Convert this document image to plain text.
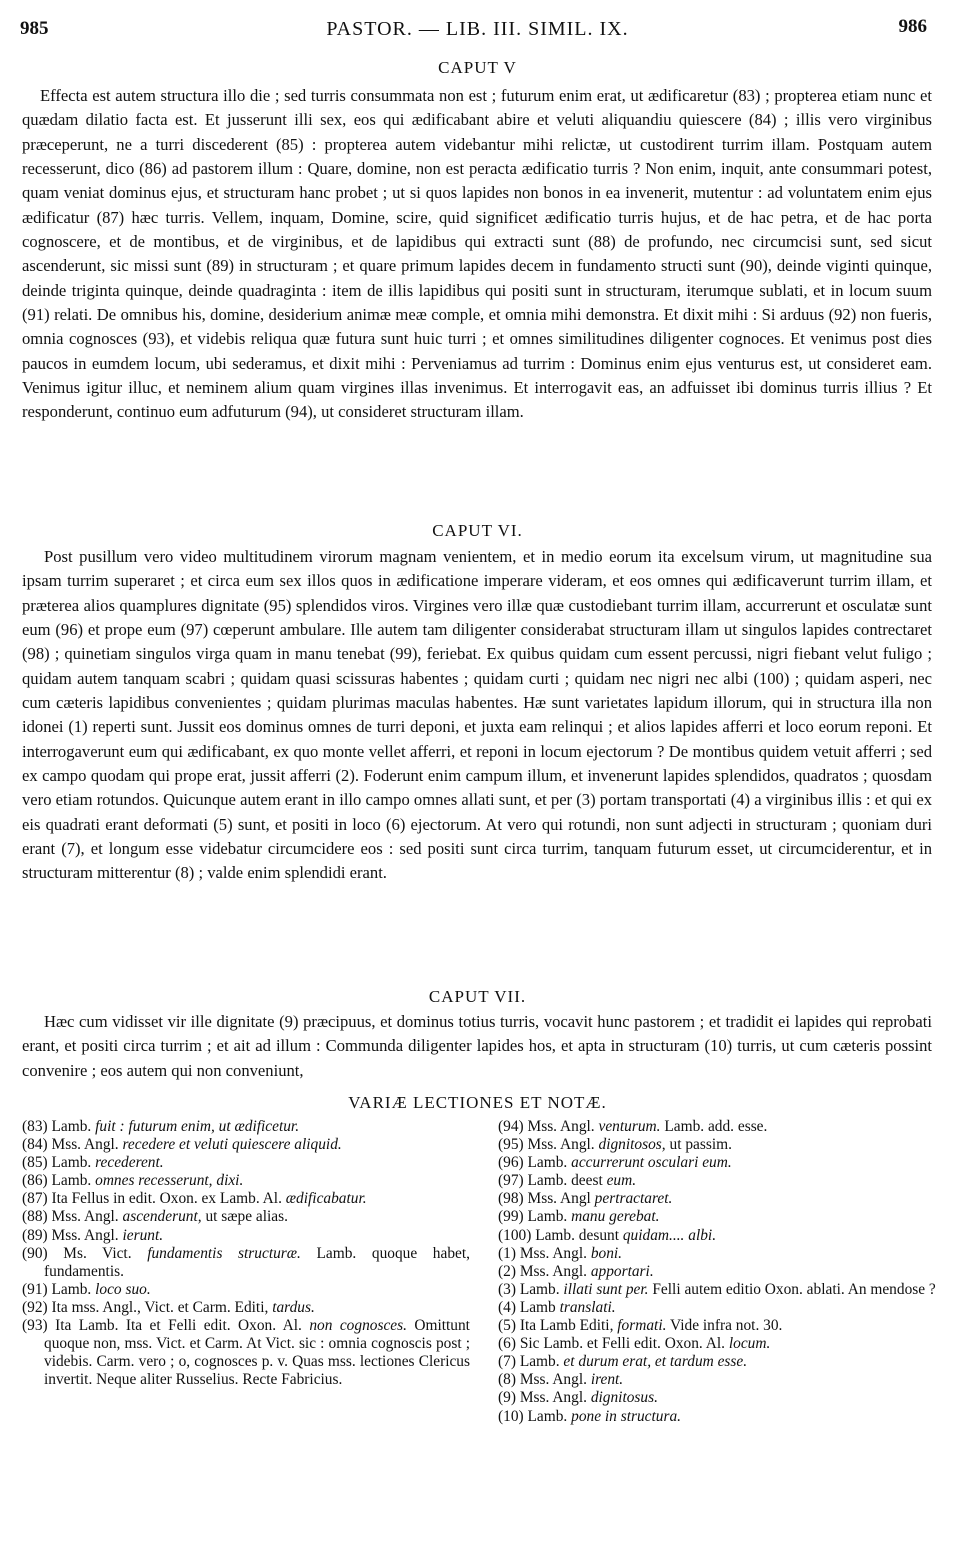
985	PASTOR. — LIB. III. SIMIL. IX.	986
CAPUT V

Effecta est autem structura illo die ; sed turris consummata non est ; futurum enim erat, ut ædificaretur (83) ; propterea etiam nunc et quædam dilatio facta est. Et jusserunt illi sex, eos qui ædificabant abire et veluti aliquandiu quiescere (84) ; illis vero virginibus præceperunt, ne a turri discederent (85) : propterea autem videbantur mihi relictæ, ut custodirent turrim illam. Postquam autem recesserunt, dico (86) ad pastorem illum : Quare, domine, non est peracta ædificatio turris ? Non enim, inquit, ante consummari potest, quam veniat dominus ejus, et structuram hanc probet ; ut si quos lapides non bonos in ea invenerit, mutentur : ad voluntatem enim ejus ædificatur (87) hæc turris. Vellem, inquam, Domine, scire, quid significet ædificatio turris hujus, et de hac petra, et de hac porta cognoscere, et de montibus, et de virginibus, et de lapidibus qui extracti sunt (88) de profundo, nec circumcisi sunt, sed sicut ascenderunt, sic missi sunt (89) in structuram ; et quare primum lapides decem in fundamento structi sunt (90), deinde viginti quinque, deinde triginta quinque, deinde quadraginta : item de illis lapidibus qui positi sunt in structuram, iterumque sublati, et in locum suum (91) relati. De omnibus his, domine, desiderium animæ meæ comple, et omnia mihi demonstra. Et dixit mihi : Si arduus (92) non fueris, omnia cognosces (93), et videbis reliqua quæ futura sunt huic turri ; et omnes similitudines diligenter cognoces. Et venimus post dies paucos in eumdem locum, ubi sederamus, et dixit mihi : Perveniamus ad turrim : Dominus enim ejus venturus est, ut consideret eam. Venimus igitur illuc, et neminem alium quam virgines illas invenimus. Et interrogavit eas, an adfuisset ibi dominus turris illius ? Et responderunt, continuo eum adfuturum (94), ut consideret structuram illam.

CAPUT VI.

Post pusillum vero video multitudinem virorum magnam venientem, et in medio eorum ita excelsum virum, ut magnitudine sua ipsam turrim superaret ; et circa eum sex illos quos in ædificatione imperare videram, et eos omnes qui ædificaverunt turrim illam, et præterea alios quamplures dignitate (95) splendidos viros. Virgines vero illæ quæ custodiebant turrim illam, accurrerunt et osculatæ sunt eum (96) et prope eum (97) cœperunt ambulare. Ille autem tam diligenter considerabat structuram illam ut singulos lapides contrectaret (98) ; quinetiam singulos virga quam in manu tenebat (99), feriebat. Ex quibus quidam cum essent percussi, nigri fiebant velut fuligo ; quidam autem tanquam scabri ; quidam quasi scissuras habentes ; quidam curti ; quidam nec nigri nec albi (100) ; quidam asperi, nec cum cæteris lapidibus convenientes ; quidam plurimas maculas habentes. Hæ sunt varietates lapidum illorum, qui in structura illa non idonei (1) reperti sunt. Jussit eos dominus omnes de turri deponi, et juxta eam relinqui ; et alios lapides afferri et loco eorum reponi. Et interrogaverunt eum qui ædificabant, ex quo monte vellet afferri, et reponi in locum ejectorum ? De montibus quidem vetuit afferri ; sed ex campo quodam qui prope erat, jussit afferri (2). Foderunt enim campum illum, et invenerunt lapides splendidos, quadratos ; quosdam vero etiam rotundos. Quicunque autem erant in illo campo omnes allati sunt, et per (3) portam transportati (4) a virginibus illis : et qui ex eis quadrati erant deformati (5) sunt, et positi in loco (6) ejectorum. At vero qui rotundi, non sunt adjecti in structuram ; quoniam duri erant (7), et longum esse videbatur circumcidere eos : sed positi sunt circa turrim, tanquam futurum esset, ut circumciderentur, et in structuram mitterentur (8) ; valde enim splendidi erant.

CAPUT VII.

Hæc cum vidisset vir ille dignitate (9) præcipuus, et dominus totius turris, vocavit hunc pastorem ; et tradidit ei lapides qui reprobati erant, et positi circa turrim ; et ait ad illum : Communda diligenter lapides hos, et apta in structuram (10) turris, ut cum cæteris possint convenire ; eos autem qui non conveniunt,

VARIÆ LECTIONES ET NOTÆ.
(83) Lamb. fuit : futurum enim, ut ædificetur.
(84) Mss. Angl. recedere et veluti quiescere aliquid.
(85) Lamb. recederent.
(86) Lamb. omnes recesserunt, dixi.
(87) Ita Fellus in edit. Oxon. ex Lamb. Al. ædificabatur.
(88) Mss. Angl. ascenderunt, ut sæpe alias.
(89) Mss. Angl. ierunt.
(90) Ms. Vict. fundamentis structuræ. Lamb. quoque habet, fundamentis.
(91) Lamb. loco suo.
(92) Ita mss. Angl., Vict. et Carm. Editi, tardus.
(93) Ita Lamb. Ita et Felli edit. Oxon. Al. non cognosces. Omittunt quoque non, mss. Vict. et Carm. At Vict. sic : omnia cognoscis post ; videbis. Carm. vero ; o, cognosces p. v. Quas mss. lectiones Clericus invertit. Neque aliter Russelius. Recte Fabricius.
(94) Mss. Angl. venturum. Lamb. add. esse.
(95) Mss. Angl. dignitosos, ut passim.
(96) Lamb. accurrerunt osculari eum.
(97) Lamb. deest eum.
(98) Mss. Angl pertractaret.
(99) Lamb. manu gerebat.
(100) Lamb. desunt quidam.... albi.
(1) Mss. Angl. boni.
(2) Mss. Angl. apportari.
(3) Lamb. illati sunt per. Felli autem editio Oxon. ablati. An mendose ?
(4) Lamb translati.
(5) Ita Lamb Editi, formati. Vide infra not. 30.
(6) Sic Lamb. et Felli edit. Oxon. Al. locum.
(7) Lamb. et durum erat, et tardum esse.
(8) Mss. Angl. irent.
(9) Mss. Angl. dignitosus.
(10) Lamb. pone in structura.
